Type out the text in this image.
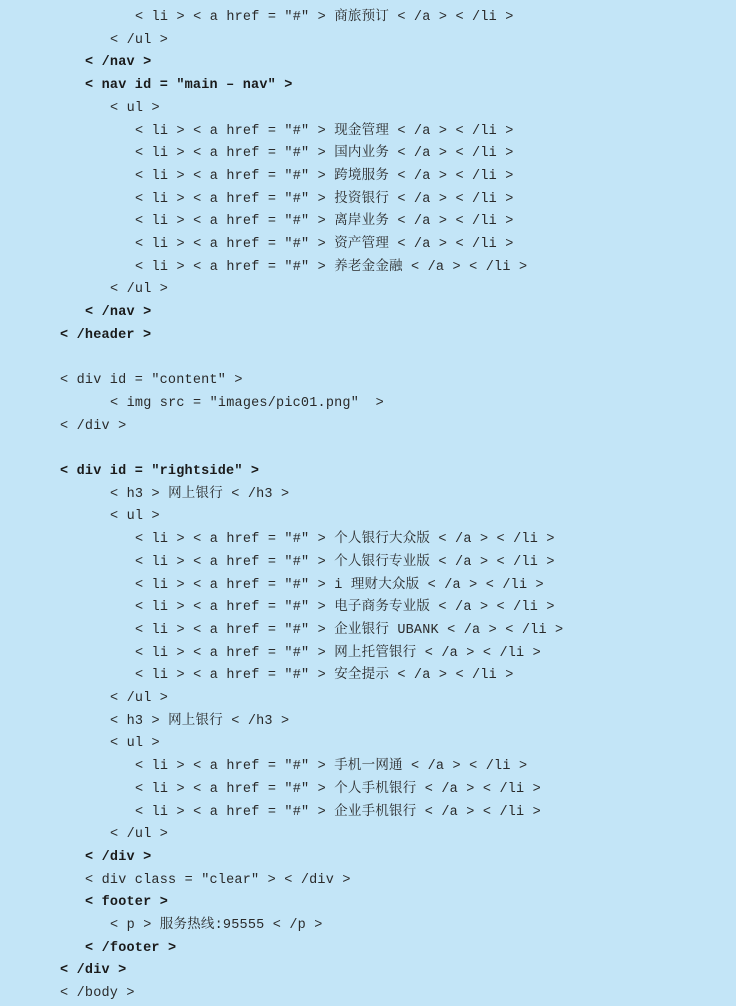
< li > < a href = "#" > 商旅预订 < /a > < /li >
< /ul >
< /nav >
< nav id = "main – nav" >
< ul >
< li > < a href = "#" > 现金管理 < /a > < /li >
< li > < a href = "#" > 国内业务 < /a > < /li >
< li > < a href = "#" > 跨境服务 < /a > < /li >
< li > < a href = "#" > 投资银行 < /a > < /li >
< li > < a href = "#" > 离岸业务 < /a > < /li >
< li > < a href = "#" > 资产管理 < /a > < /li >
< li > < a href = "#" > 养老金金融 < /a > < /li >
< /ul >
< /nav >
< /header >
< div id = "content" >
< img src = "images/pic01.png"  >
< /div >
< div id = "rightside" >
< h3 > 网上银行 < /h3 >
< ul >
< li > < a href = "#" > 个人银行大众版 < /a > < /li >
< li > < a href = "#" > 个人银行专业版 < /a > < /li >
< li > < a href = "#" > i 理财大众版 < /a > < /li >
< li > < a href = "#" > 电子商务专业版 < /a > < /li >
< li > < a href = "#" > 企业银行 UBANK < /a > < /li >
< li > < a href = "#" > 网上托管银行 < /a > < /li >
< li > < a href = "#" > 安全提示 < /a > < /li >
< /ul >
< h3 > 网上银行 < /h3 >
< ul >
< li > < a href = "#" > 手机一网通 < /a > < /li >
< li > < a href = "#" > 个人手机银行 < /a > < /li >
< li > < a href = "#" > 企业手机银行 < /a > < /li >
< /ul >
< /div >
< div class = "clear" > < /div >
< footer >
< p > 服务热线:95555 < /p >
< /footer >
< /div >
< /body >
